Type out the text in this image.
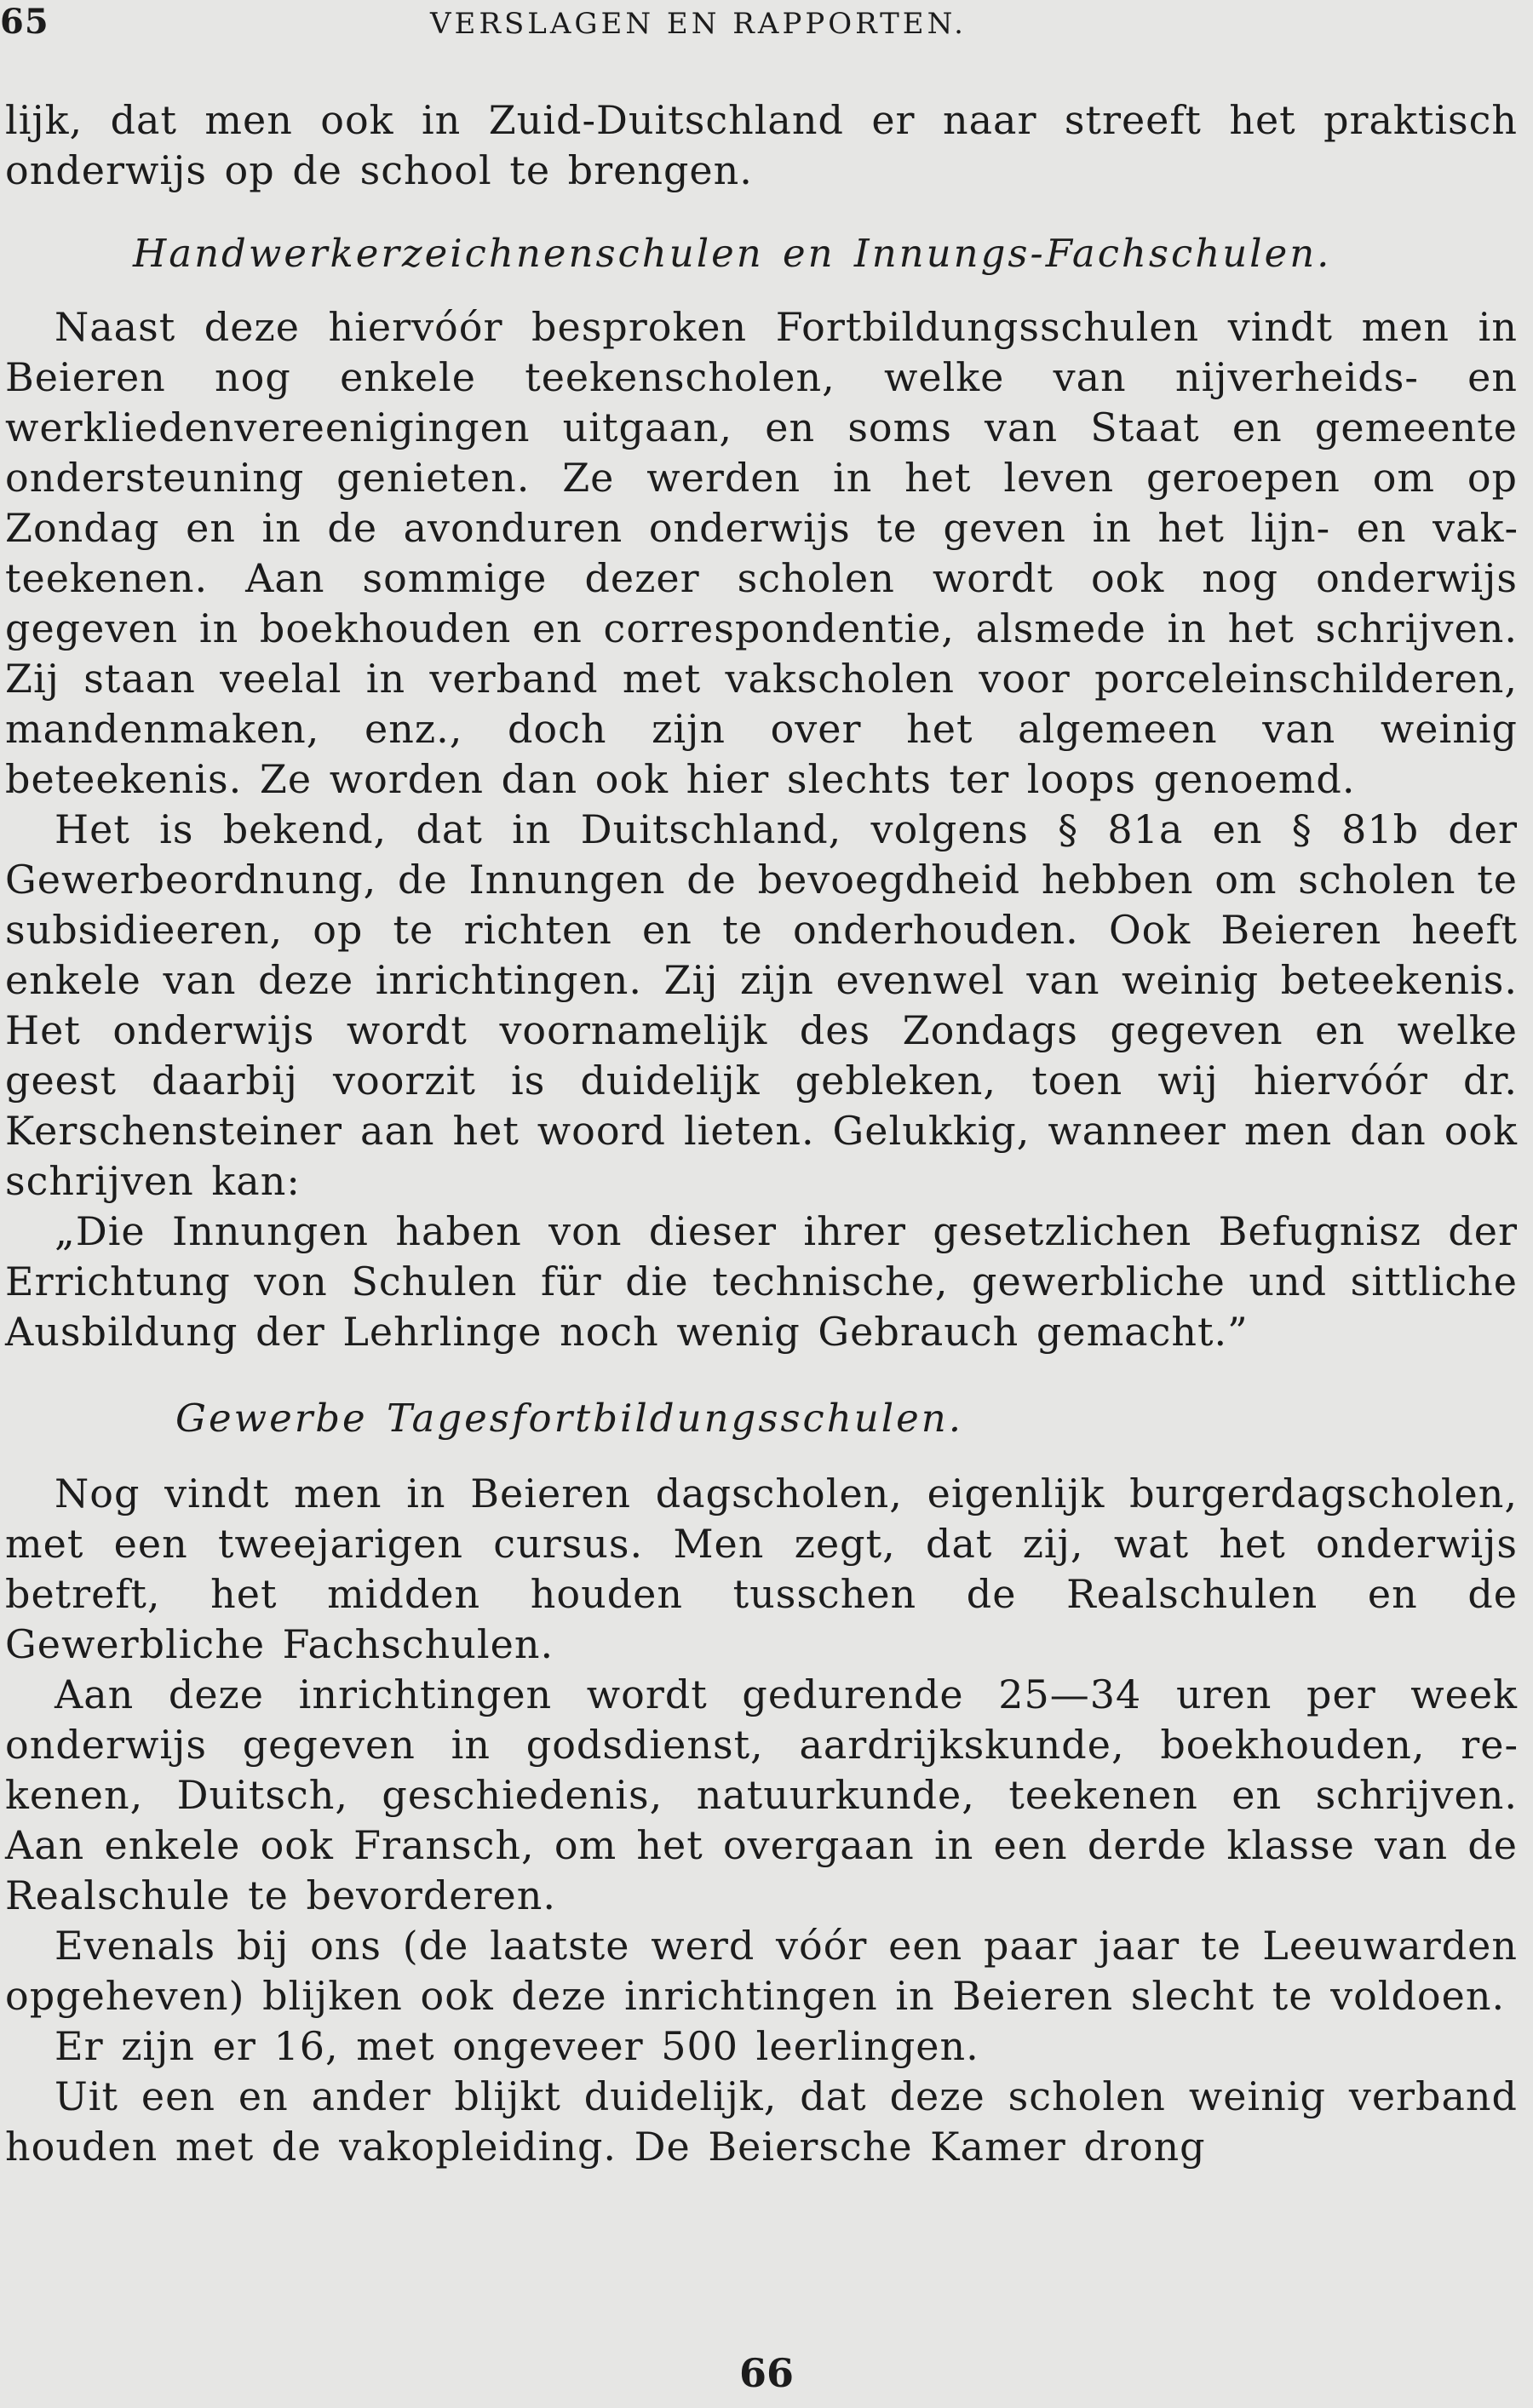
65	VERSLAGEN EN RAPPORTEN.

lijk, dat men ook in Zuid-Duitschland er naar streeft het praktisch onderwijs op de school te brengen.

Handwerkerzeichnenschulen en Innungs-Fachschulen.

Naast deze hiervóór besproken Fortbildungsschulen vindt men in Beieren nog enkele teekenscholen, welke van nijverheids- en werkliedenvereenigingen uitgaan, en soms van Staat en gemeente ondersteuning genieten. Ze werden in het leven geroepen om op Zondag en in de avonduren onderwijs te geven in het lijn- en vakteekenen. Aan sommige dezer scholen wordt ook nog onderwijs gegeven in boekhouden en correspondentie, alsmede in het schrijven. Zij staan veelal in verband met vakscholen voor porceleinschilderen, mandenmaken, enz., doch zijn over het algemeen van weinig beteekenis. Ze worden dan ook hier slechts ter loops genoemd.

Het is bekend, dat in Duitschland, volgens § 81a en § 81b der Gewerbeordnung, de Innungen de bevoegdheid hebben om scholen te subsidieeren, op te richten en te onderhouden. Ook Beieren heeft enkele van deze inrichtingen. Zij zijn evenwel van weinig beteekenis. Het onderwijs wordt voornamelijk des Zondags gegeven en welke geest daarbij voorzit is duidelijk gebleken, toen wij hiervóór dr. Kerschensteiner aan het woord lieten. Gelukkig, wanneer men dan ook schrijven kan:

„Die Innungen haben von dieser ihrer gesetzlichen Befugnisz der Errichtung von Schulen für die technische, gewerbliche und sittliche Ausbildung der Lehrlinge noch wenig Gebrauch gemacht.”

Gewerbe Tagesfortbildungsschulen.

Nog vindt men in Beieren dagscholen, eigenlijk burgerdagscholen, met een tweejarigen cursus. Men zegt, dat zij, wat het onderwijs betreft, het midden houden tusschen de Realschulen en de Gewerbliche Fachschulen.

Aan deze inrichtingen wordt gedurende 25—34 uren per week onderwijs gegeven in godsdienst, aardrijkskunde, boekhouden, rekenen, Duitsch, geschiedenis, natuurkunde, teekenen en schrijven. Aan enkele ook Fransch, om het overgaan in een derde klasse van de Realschule te bevorderen.

Evenals bij ons (de laatste werd vóór een paar jaar te Leeuwarden opgeheven) blijken ook deze inrichtingen in Beieren slecht te voldoen.

Er zijn er 16, met ongeveer 500 leerlingen.

Uit een en ander blijkt duidelijk, dat deze scholen weinig verband houden met de vakopleiding. De Beiersche Kamer drong

66
